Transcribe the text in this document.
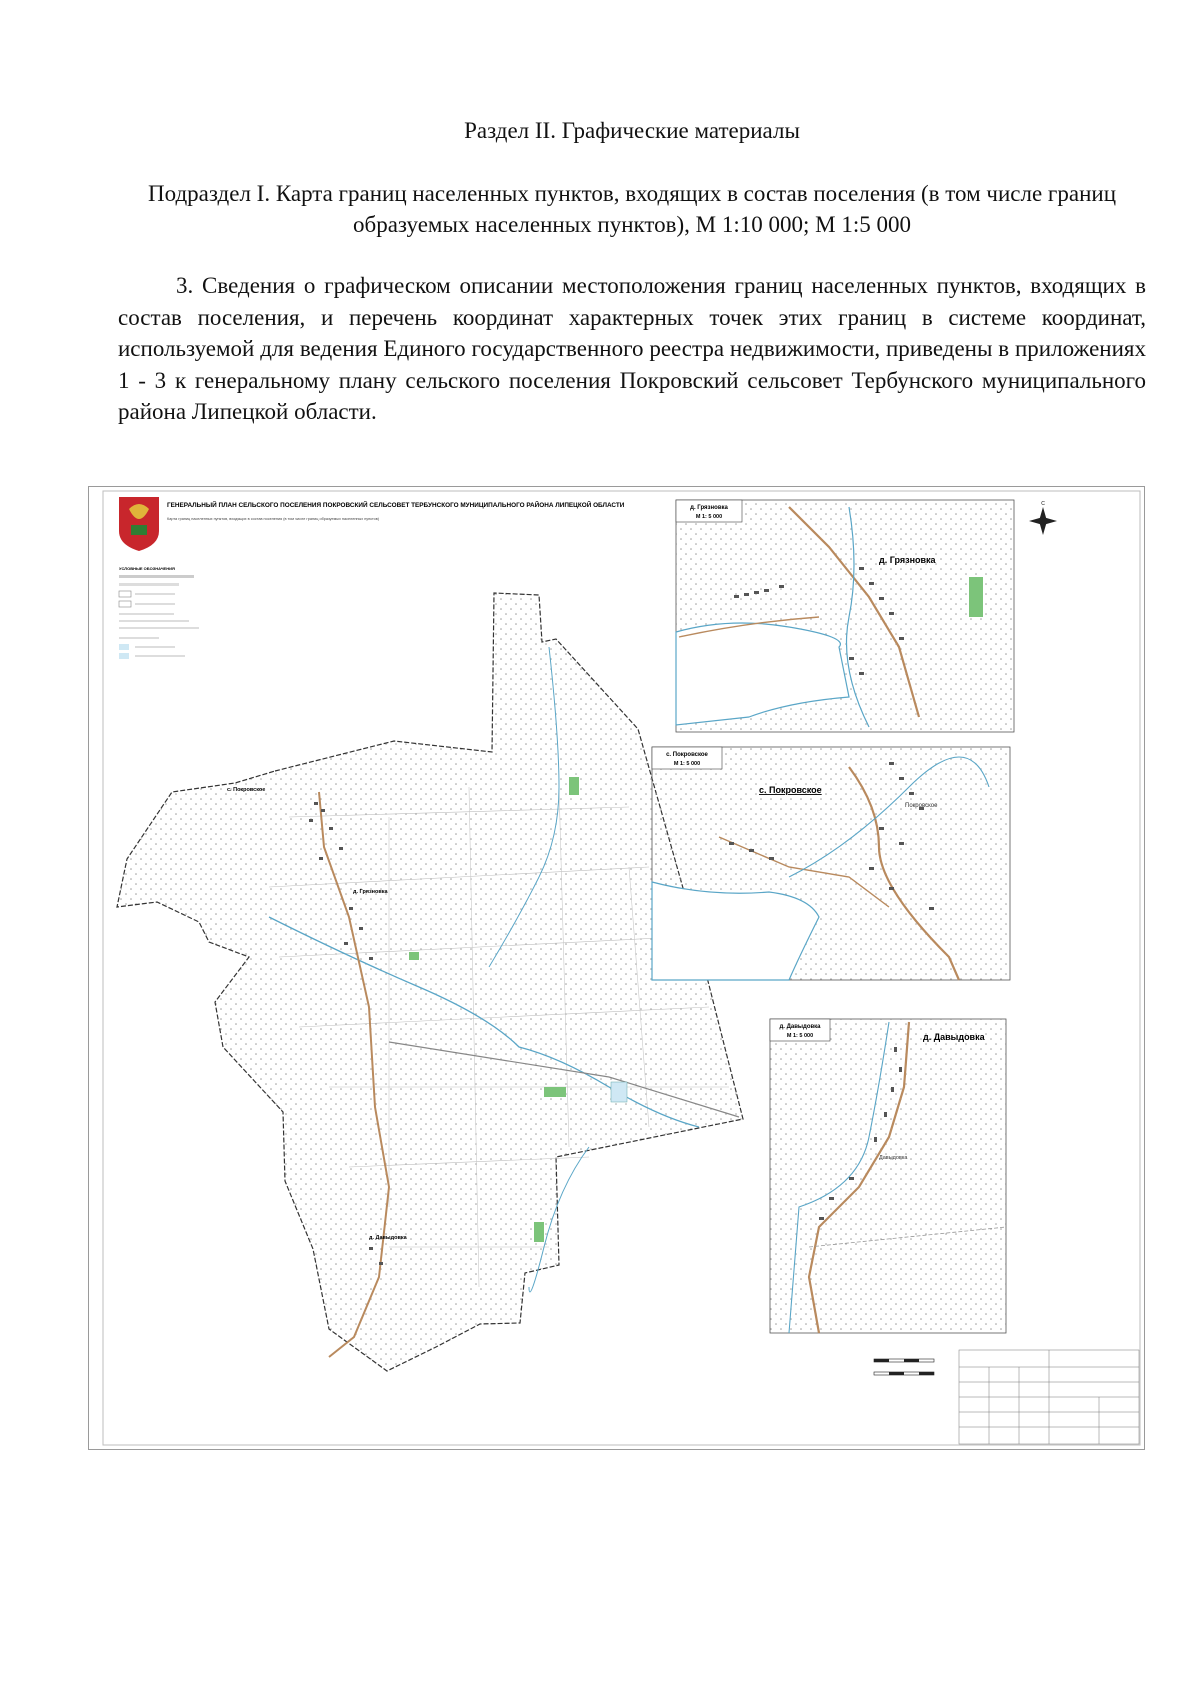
Раздел II. Графические материалы
Подраздел I. Карта границ населенных пунктов, входящих в состав поселения (в том числе границ образуемых населенных пунктов), М 1:10 000; М 1:5 000
3. Сведения о графическом описании местоположения границ населенных пунктов, входящих в состав поселения, и перечень координат характерных точек этих границ в системе координат, используемой для ведения Единого государственного реестра недвижимости, приведены в приложениях 1 - 3 к генеральному плану сельского поселения Покровский сельсовет Тербунского муниципального района Липецкой области.
ГЕНЕРАЛЬНЫЙ ПЛАН СЕЛЬСКОГО ПОСЕЛЕНИЯ ПОКРОВСКИЙ СЕЛЬСОВЕТ ТЕРБУНСКОГО МУНИЦИПАЛЬНОГО РАЙОНА ЛИПЕЦКОЙ ОБЛАСТИ
Карта границ населенных пунктов, входящих в состав поселения (в том числе границ образуемых населенных пунктов)
УСЛОВНЫЕ ОБОЗНАЧЕНИЯ
с. Покровское
д. Грязновка
д. Давыдовка
С
д. Грязновка
М 1: 5 000
д. Грязновка
с. Покровское
М 1: 5 000
с. Покровское
Покровское
д. Давыдовка
М 1: 5 000	д. Давыдовка
Давыдовка
